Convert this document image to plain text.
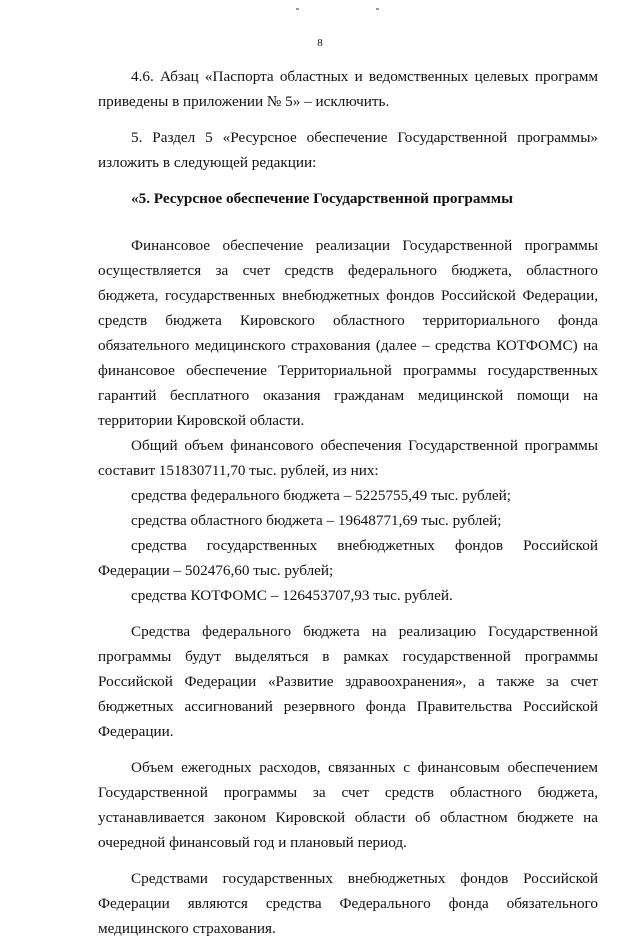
8

4.6. Абзац «Паспорта областных и ведомственных целевых программ приведены в приложении № 5» – исключить.

5. Раздел 5 «Ресурсное обеспечение Государственной программы» изложить в следующей редакции:

«5. Ресурсное обеспечение Государственной программы

Финансовое обеспечение реализации Государственной программы осуществляется за счет средств федерального бюджета, областного бюджета, государственных внебюджетных фондов Российской Федерации, средств бюджета Кировского областного территориального фонда обязательного медицинского страхования (далее – средства КОТФОМС) на финансовое обеспечение Территориальной программы государственных гарантий бесплатного оказания гражданам медицинской помощи на территории Кировской области.

Общий объем финансового обеспечения Государственной программы составит 151830711,70 тыс. рублей, из них:

средства федерального бюджета – 5225755,49 тыс. рублей;

средства областного бюджета – 19648771,69 тыс. рублей;

средства государственных внебюджетных фондов Российской Федерации – 502476,60 тыс. рублей;

средства КОТФОМС – 126453707,93 тыс. рублей.

Средства федерального бюджета на реализацию Государственной программы будут выделяться в рамках государственной программы Российской Федерации «Развитие здравоохранения», а также за счет бюджетных ассигнований резервного фонда Правительства Российской Федерации.

Объем ежегодных расходов, связанных с финансовым обеспечением Государственной программы за счет средств областного бюджета, устанавливается законом Кировской области об областном бюджете на очередной финансовый год и плановый период.

Средствами государственных внебюджетных фондов Российской Федерации являются средства Федерального фонда обязательного медицинского страхования.
